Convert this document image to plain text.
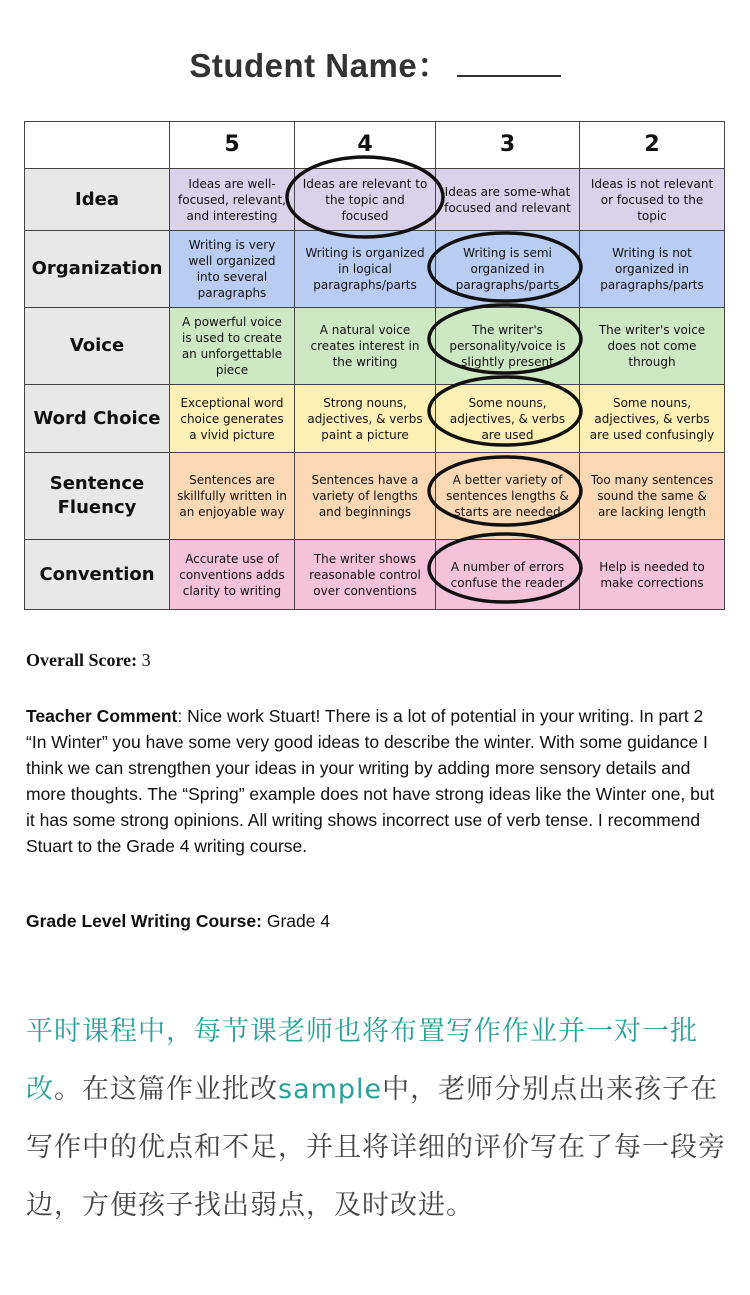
Student Name：
	5	4	3	2
Idea	Ideas are well-focused, relevant, and interesting	Ideas are relevant to the topic and focused	Ideas are some-what focused and relevant	Ideas is not relevant or focused to the topic
Organization	Writing is very well organized into several paragraphs	Writing is organized in logical paragraphs/parts	Writing is semi organized in paragraphs/parts	Writing is not organized in paragraphs/parts
Voice	A powerful voice is used to create an unforgettable piece	A natural voice creates interest in the writing	The writer's personality/voice is slightly present	The writer's voice does not come through
Word Choice	Exceptional word choice generates a vivid picture	Strong nouns, adjectives, & verbs paint a picture	Some nouns, adjectives, & verbs are used	Some nouns, adjectives, & verbs are used confusingly
Sentence Fluency	Sentences are skillfully written in an enjoyable way	Sentences have a variety of lengths and beginnings	A better variety of sentences lengths & starts are needed	Too many sentences sound the same & are lacking length
Convention	Accurate use of conventions adds clarity to writing	The writer shows reasonable control over conventions	A number of errors confuse the reader	Help is needed to make corrections
Overall Score: 3
Teacher Comment: Nice work Stuart! There is a lot of potential in your writing. In part 2 “In Winter” you have some very good ideas to describe the winter. With some guidance I think we can strengthen your ideas in your writing by adding more sensory details and more thoughts. The “Spring” example does not have strong ideas like the Winter one, but it has some strong opinions. All writing shows incorrect use of verb tense. I recommend Stuart to the Grade 4 writing course.
Grade Level Writing Course: Grade 4
平时课程中，每节课老师也将布置写作作业并一对一批改。在这篇作业批改sample中，老师分别点出来孩子在写作中的优点和不足，并且将详细的评价写在了每一段旁边，方便孩子找出弱点，及时改进。
